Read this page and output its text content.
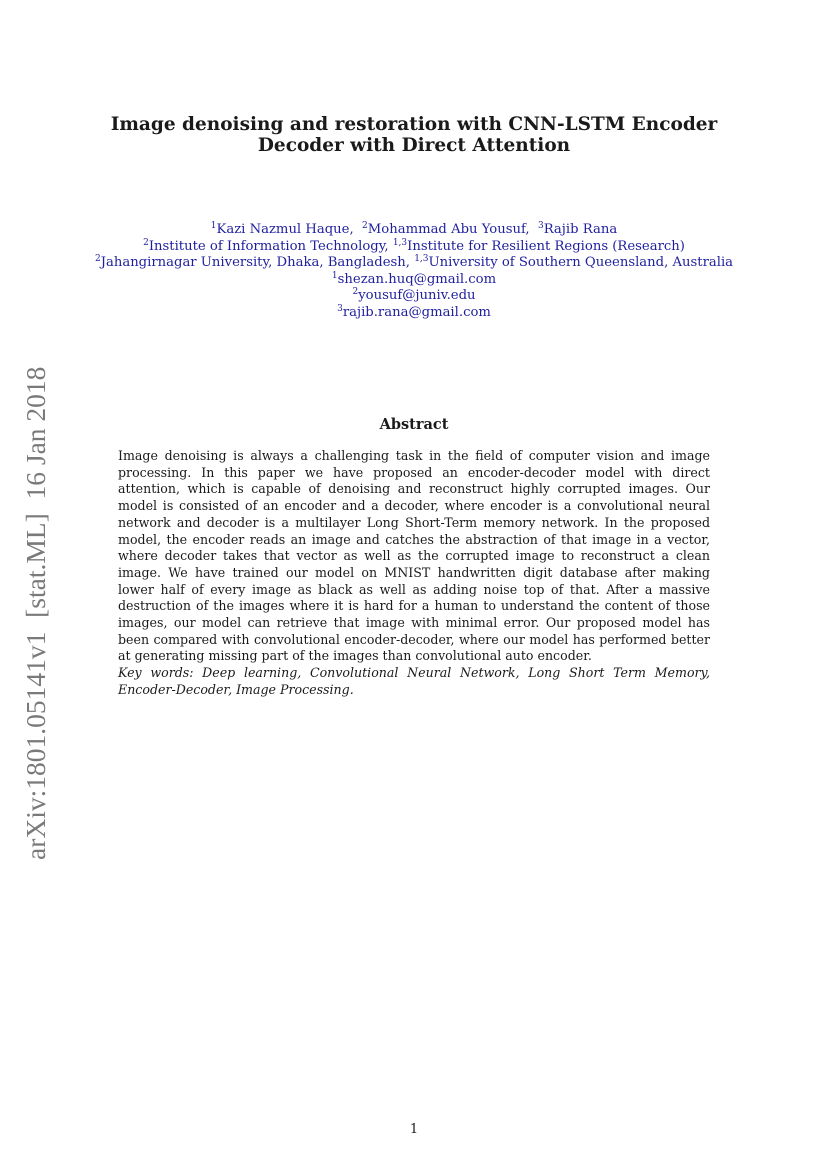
Image denoising and restoration with CNN-LSTM Encoder
Decoder with Direct Attention
$^1$Kazi Nazmul Haque, $^2$Mohammad Abu Yousuf, $^3$Rajib Rana
$^2$Institute of Information Technology, $^{1,3}$Institute for Resilient Regions (Research)
$^2$Jahangirnagar University, Dhaka, Bangladesh, $^{1,3}$University of Southern Queensland, Australia
$^1$shezan.huq@gmail.com
$^2$yousuf@juniv.edu
$^3$rajib.rana@gmail.com
arXiv:1801.05141v1  [stat.ML]  16 Jan 2018	Abstract
Image denoising is always a challenging task in the field of computer vision and image processing. In this paper we have proposed an encoder-decoder model with direct attention, which is capable of denoising and reconstruct highly corrupted images. Our model is consisted of an encoder and a decoder, where encoder is a convolutional neural network and decoder is a multilayer Long Short-Term memory network. In the proposed model, the encoder reads an image and catches the abstraction of that image in a vector, where decoder takes that vector as well as the corrupted image to reconstruct a clean image. We have trained our model on MNIST handwritten digit database after making lower half of every image as black as well as adding noise top of that. After a massive destruction of the images where it is hard for a human to understand the content of those images, our model can retrieve that image with minimal error. Our proposed model has been compared with convolutional encoder-decoder, where our model has performed better at generating missing part of the images than convolutional auto encoder.
Key words: Deep learning, Convolutional Neural Network, Long Short Term Memory, Encoder-Decoder, Image Processing.
1
